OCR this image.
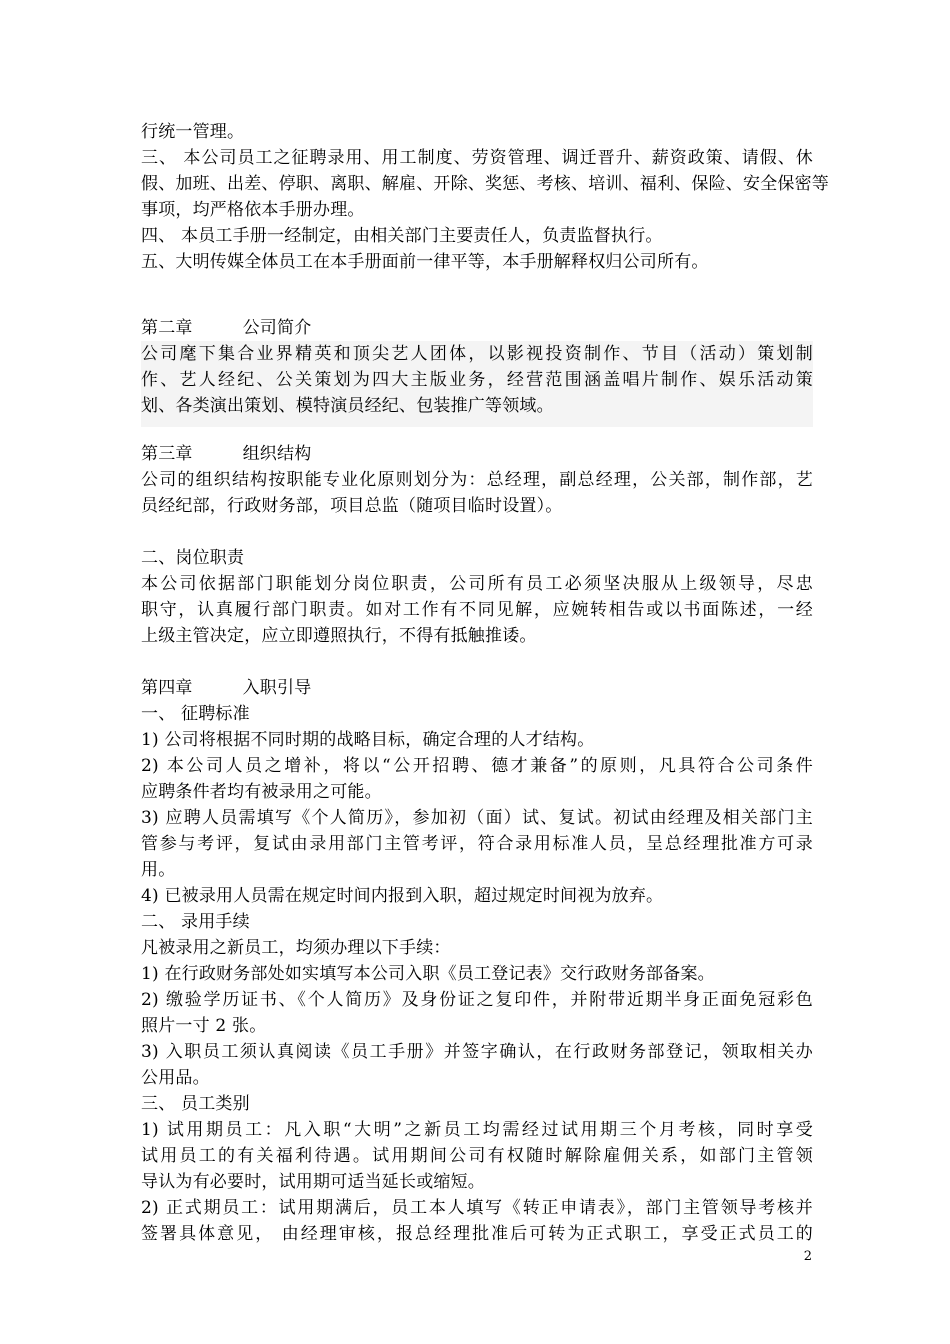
行统一管理。
三、 本公司员工之征聘录用、用工制度、劳资管理、调迁晋升、薪资政策、请假、休
假、加班、出差、停职、离职、解雇、开除、奖惩、考核、培训、福利、保险、安全保密等
事项，均严格依本手册办理。
四、 本员工手册一经制定，由相关部门主要责任人，负责监督执行。
五、大明传媒全体员工在本手册面前一律平等，本手册解释权归公司所有。
第二章	公司简介
公司麾下集合业界精英和顶尖艺人团体，以影视投资制作、节目（活动）策划制
作、艺人经纪、公关策划为四大主版业务，经营范围涵盖唱片制作、娱乐活动策
划、各类演出策划、模特演员经纪、包装推广等领域。
第三章	组织结构
公司的组织结构按职能专业化原则划分为：总经理，副总经理，公关部，制作部，艺
员经纪部，行政财务部，项目总监（随项目临时设置）。
二、岗位职责
本公司依据部门职能划分岗位职责，公司所有员工必须坚决服从上级领导，尽忠
职守，认真履行部门职责。如对工作有不同见解，应婉转相告或以书面陈述，一经
上级主管决定，应立即遵照执行，不得有抵触推诿。
第四章	入职引导
一、 征聘标准
1) 公司将根据不同时期的战略目标，确定合理的人才结构。
2) 本公司人员之增补，将以“公开招聘、德才兼备”的原则，凡具符合公司条件
应聘条件者均有被录用之可能。
3) 应聘人员需填写《个人简历》，参加初（面）试、复试。初试由经理及相关部门主
管参与考评，复试由录用部门主管考评，符合录用标准人员，呈总经理批准方可录
用。
4) 已被录用人员需在规定时间内报到入职，超过规定时间视为放弃。
二、 录用手续
凡被录用之新员工，均须办理以下手续：
1) 在行政财务部处如实填写本公司入职《员工登记表》交行政财务部备案。
2) 缴验学历证书、《个人简历》及身份证之复印件，并附带近期半身正面免冠彩色
照片一寸 2 张。
3) 入职员工须认真阅读《员工手册》并签字确认，在行政财务部登记，领取相关办
公用品。
三、 员工类别
1) 试用期员工：凡入职“大明”之新员工均需经过试用期三个月考核，同时享受
试用员工的有关福利待遇。试用期间公司有权随时解除雇佣关系，如部门主管领
导认为有必要时，试用期可适当延长或缩短。
2) 正式期员工：试用期满后，员工本人填写《转正申请表》，部门主管领导考核并
签署具体意见， 由经理审核，报总经理批准后可转为正式职工，享受正式员工的
2
